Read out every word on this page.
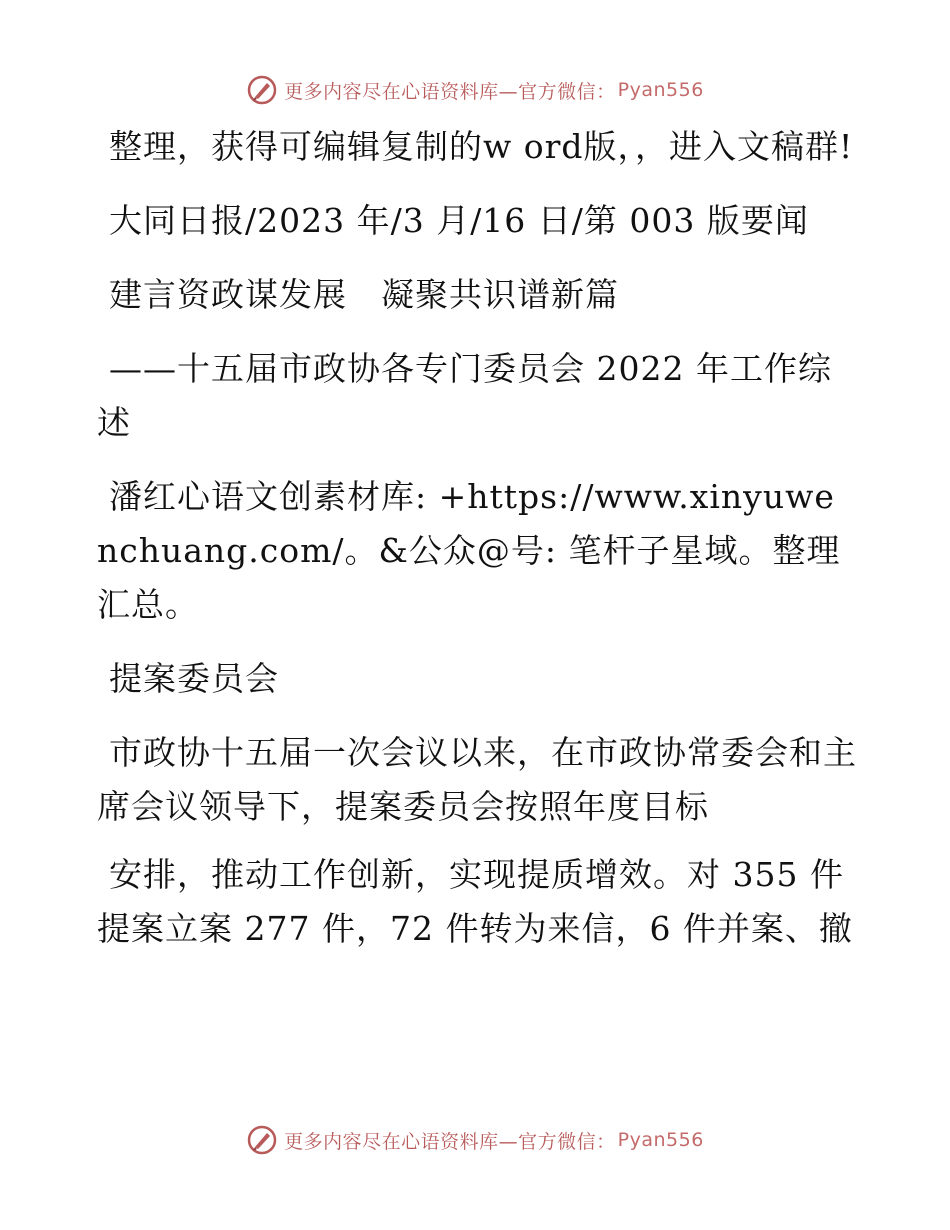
更多内容尽在心语资料库—官方微信： Pyan556

整理，获得可编辑复制的w ord版，，进入文稿群!

大同日报/2023 年/3 月/16 日/第 003 版要闻

建言资政谋发展　凝聚共识谱新篇

——十五届市政协各专门委员会 2022 年工作综述

潘红心语文创素材库: +https://www.xinyuwenchuang.com/。&公众@号: 笔杆子星域。整理汇总。

提案委员会

市政协十五届一次会议以来，在市政协常委会和主席会议领导下，提案委员会按照年度目标

安排，推动工作创新，实现提质增效。对 355 件提案立案 277 件，72 件转为来信，6 件并案、撤

更多内容尽在心语资料库—官方微信： Pyan556
